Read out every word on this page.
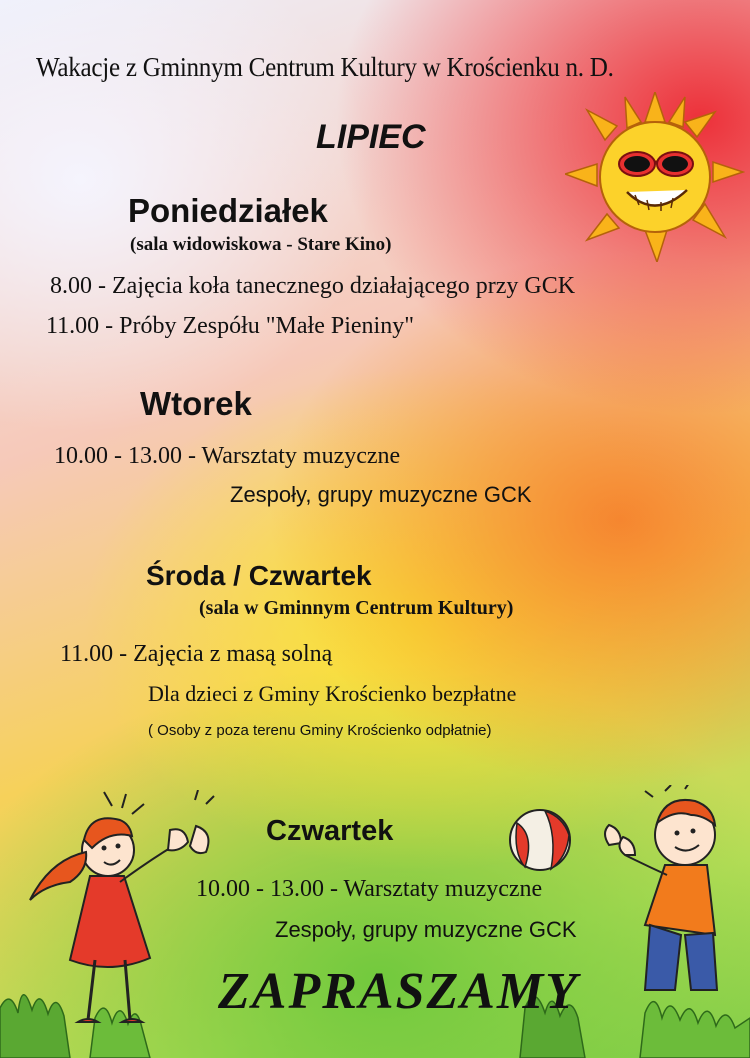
Wakacje z Gminnym Centrum Kultury w Krościenku n. D.
LIPIEC
Poniedziałek
(sala widowiskowa - Stare Kino)
8.00 - Zajęcia koła tanecznego działającego przy GCK
11.00 - Próby Zespółu "Małe Pieniny"
Wtorek
10.00 - 13.00 - Warsztaty muzyczne
Zespoły, grupy muzyczne GCK
Środa / Czwartek
(sala w Gminnym Centrum Kultury)
11.00 - Zajęcia z masą solną
Dla dzieci z Gminy Krościenko bezpłatne
( Osoby z poza terenu Gminy Krościenko odpłatnie)
Czwartek
10.00 - 13.00 - Warsztaty muzyczne
Zespoły, grupy muzyczne GCK
ZAPRASZAMY
